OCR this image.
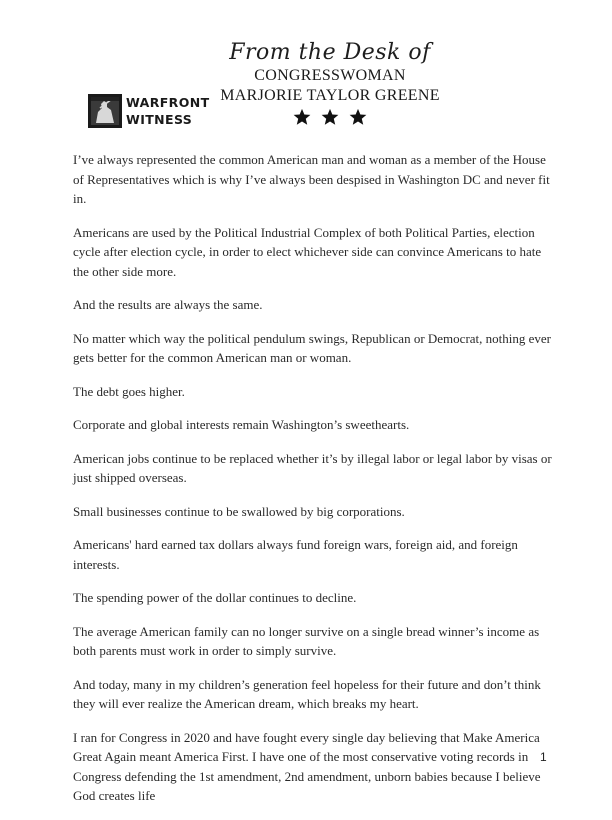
From the Desk of
CONGRESSWOMAN
MARJORIE TAYLOR GREENE
WARFRONT
WITNESS

I’ve always represented the common American man and woman as a member of the House of Representatives which is why I’ve always been despised in Washington DC and never fit in.

Americans are used by the Political Industrial Complex of both Political Parties, election cycle after election cycle, in order to elect whichever side can convince Americans to hate the other side more.

And the results are always the same.

No matter which way the political pendulum swings, Republican or Democrat, nothing ever gets better for the common American man or woman.

The debt goes higher.

Corporate and global interests remain Washington’s sweethearts.

American jobs continue to be replaced whether it’s by illegal labor or legal labor by visas or just shipped overseas.

Small businesses continue to be swallowed by big corporations.

Americans' hard earned tax dollars always fund foreign wars, foreign aid, and foreign interests.

The spending power of the dollar continues to decline.

The average American family can no longer survive on a single bread winner’s income as both parents must work in order to simply survive.

And today, many in my children’s generation feel hopeless for their future and don’t think they will ever realize the American dream, which breaks my heart.

I ran for Congress in 2020 and have fought every single day believing that Make America Great Again meant America First. I have one of the most conservative voting records in Congress defending the 1st amendment, 2nd amendment, unborn babies because I believe God creates life

1
